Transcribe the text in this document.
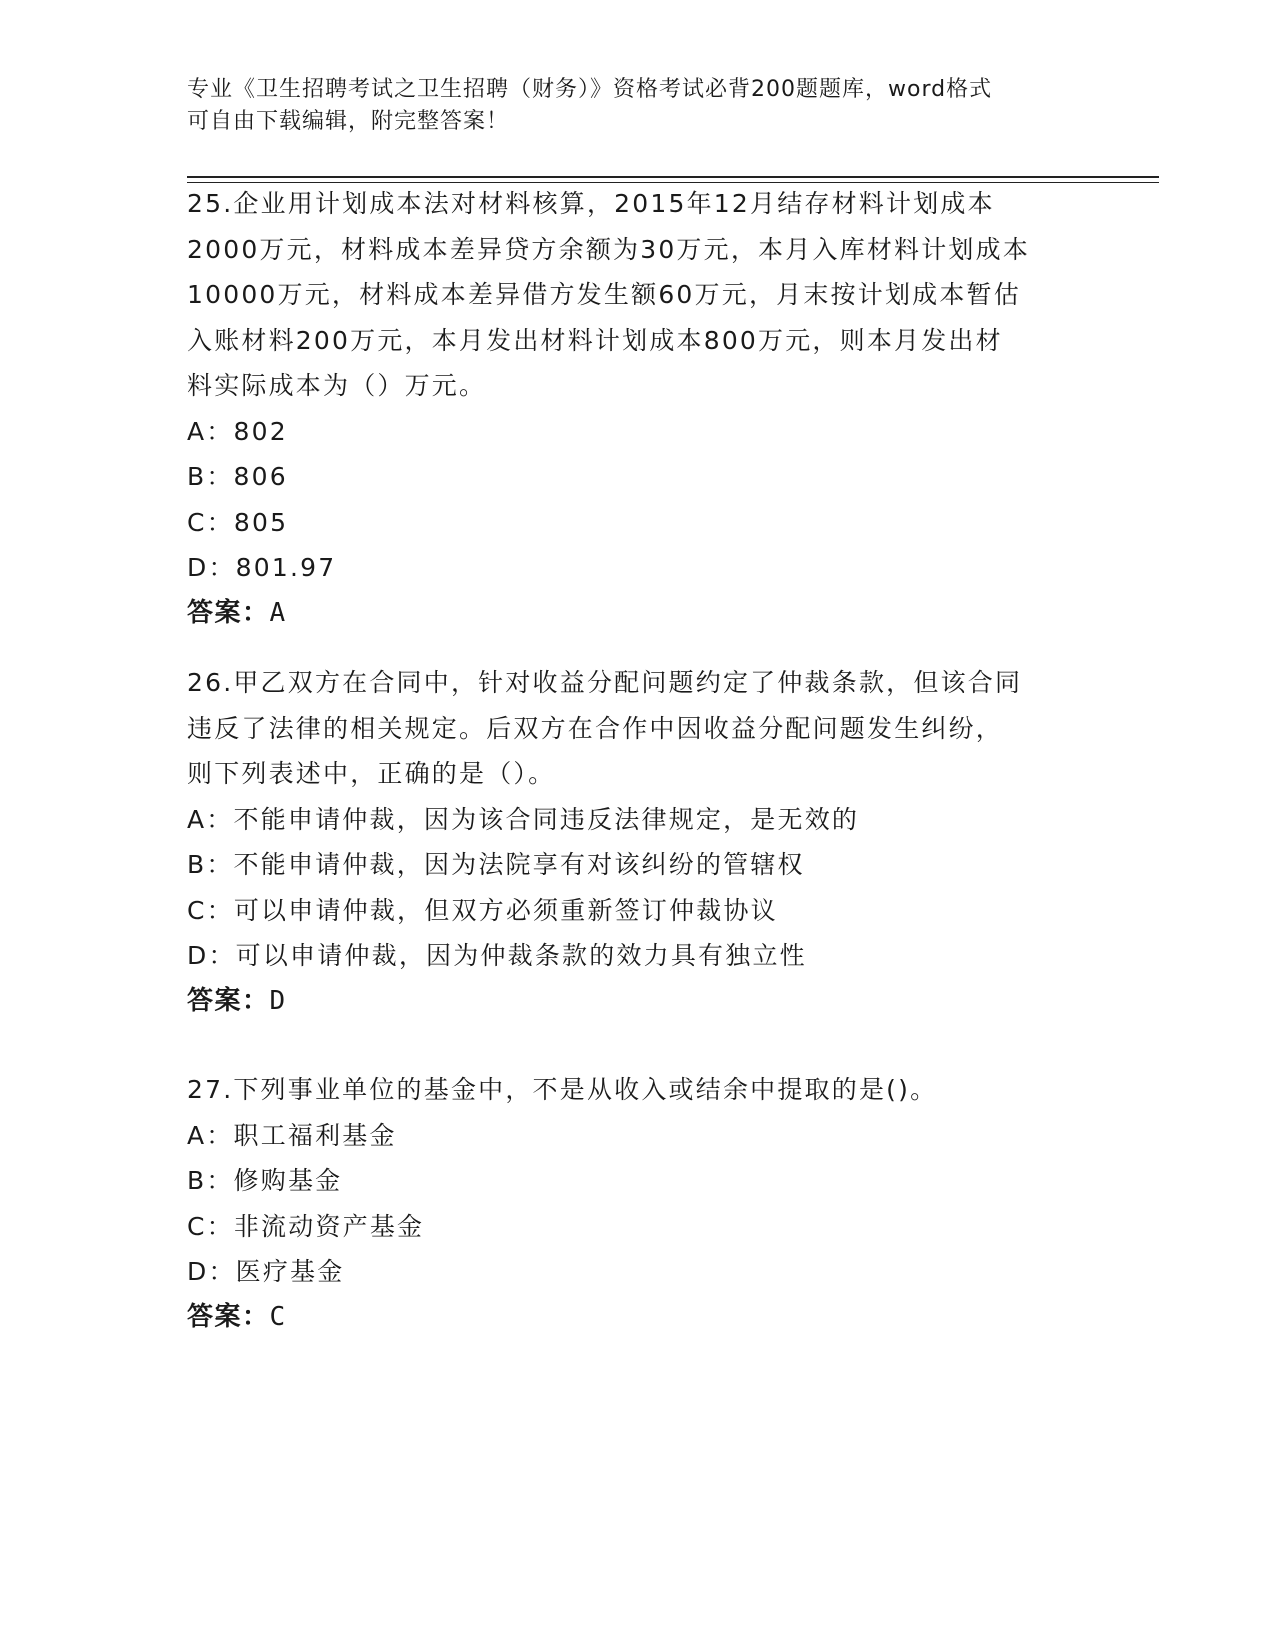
专业《卫生招聘考试之卫生招聘（财务）》资格考试必背200题题库，word格式
可自由下载编辑，附完整答案！

25.企业用计划成本法对材料核算，2015年12月结存材料计划成本

2000万元，材料成本差异贷方余额为30万元，本月入库材料计划成本

10000万元，材料成本差异借方发生额60万元，月末按计划成本暂估

入账材料200万元，本月发出材料计划成本800万元，则本月发出材

料实际成本为（）万元。

A：802

B：806

C：805

D：801.97

答案：A

26.甲乙双方在合同中，针对收益分配问题约定了仲裁条款，但该合同

违反了法律的相关规定。后双方在合作中因收益分配问题发生纠纷，

则下列表述中，正确的是（）。

A：不能申请仲裁，因为该合同违反法律规定，是无效的

B：不能申请仲裁，因为法院享有对该纠纷的管辖权

C：可以申请仲裁，但双方必须重新签订仲裁协议

D：可以申请仲裁，因为仲裁条款的效力具有独立性

答案：D

27.下列事业单位的基金中，不是从收入或结余中提取的是()。

A：职工福利基金

B：修购基金

C：非流动资产基金

D：医疗基金

答案：C
